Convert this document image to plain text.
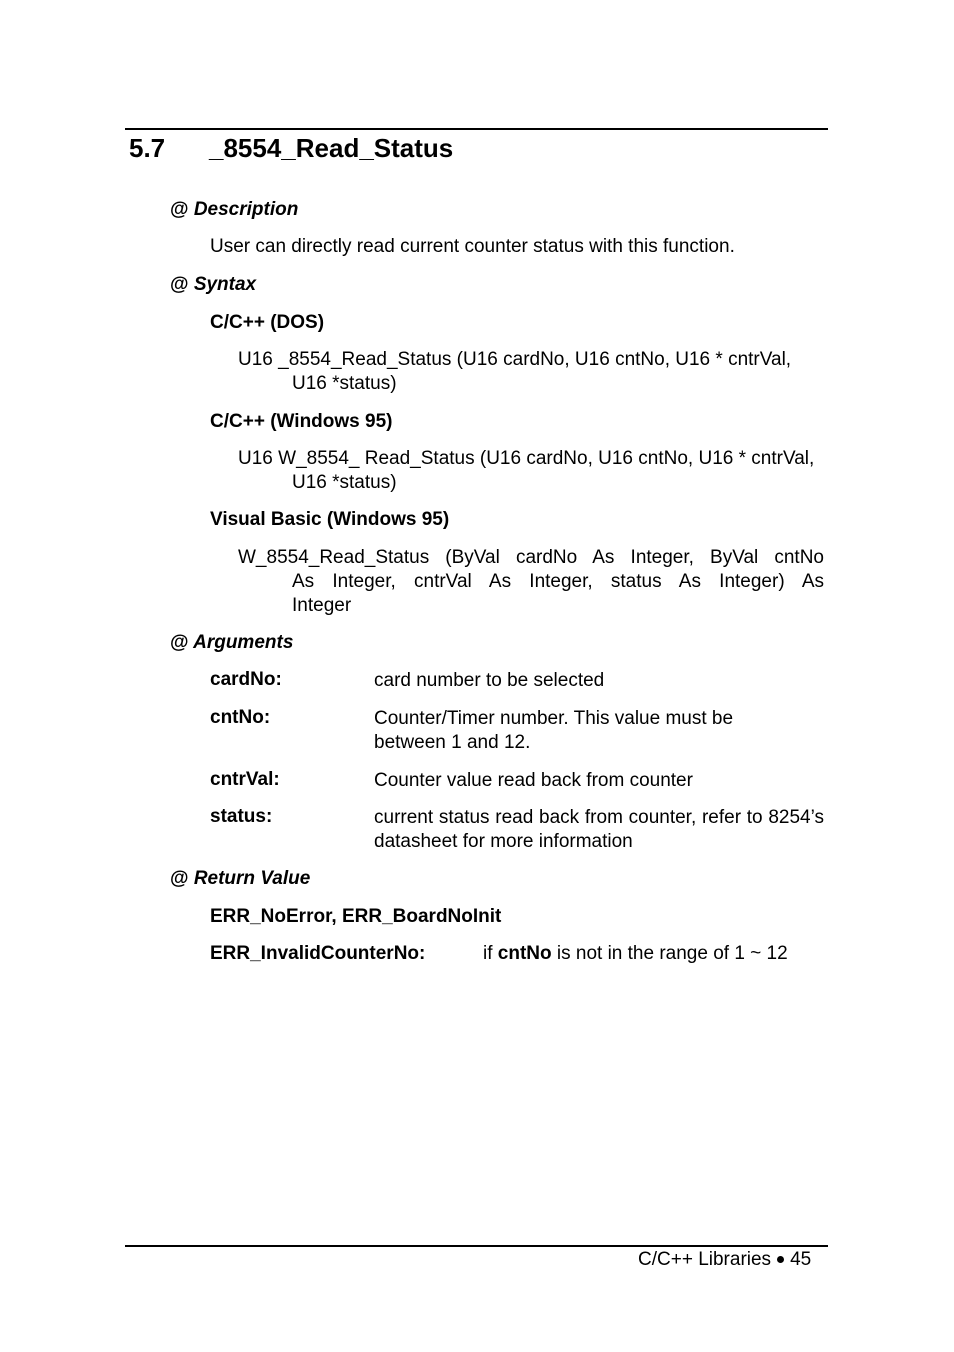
5.7 _8554_Read_Status
@ Description
User can directly read current counter status with this function.
@ Syntax
C/C++ (DOS)
U16 _8554_Read_Status (U16 cardNo, U16 cntNo, U16 * cntrVal,
U16 *status)
C/C++ (Windows 95)
U16 W_8554_ Read_Status (U16 cardNo, U16 cntNo, U16 * cntrVal,
U16 *status)
Visual Basic (Windows 95)
W_8554_Read_Status (ByVal cardNo As Integer, ByVal cntNo
As Integer, cntrVal As Integer, status As Integer) As
Integer
@ Arguments
cardNo:	card number to be selected
cntNo:	Counter/Timer number. This value must be between 1 and 12.
cntrVal:	Counter value read back from counter
status:	current status read back from counter, refer to 8254’s datasheet for more information
@ Return Value
ERR_NoError, ERR_BoardNoInit
ERR_InvalidCounterNo:	if cntNo is not in the range of 1 ~ 12
C/C++ Libraries 45
